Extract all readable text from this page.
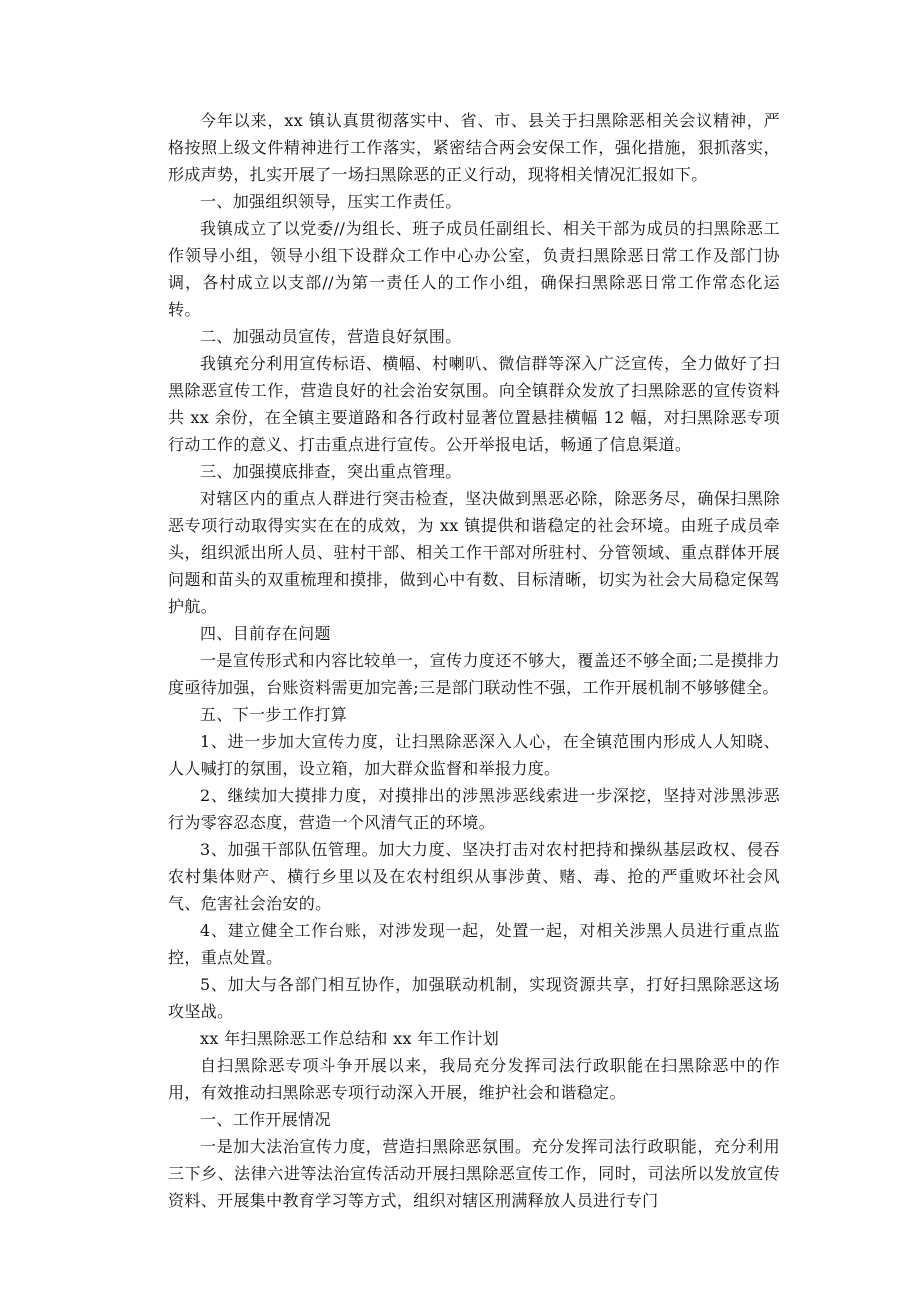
今年以来，xx 镇认真贯彻落实中、省、市、县关于扫黑除恶相关会议精神，严格按照上级文件精神进行工作落实，紧密结合两会安保工作，强化措施，狠抓落实，形成声势，扎实开展了一场扫黑除恶的正义行动，现将相关情况汇报如下。

一、加强组织领导，压实工作责任。

我镇成立了以党委//为组长、班子成员任副组长、相关干部为成员的扫黑除恶工作领导小组，领导小组下设群众工作中心办公室，负责扫黑除恶日常工作及部门协调，各村成立以支部//为第一责任人的工作小组，确保扫黑除恶日常工作常态化运转。

二、加强动员宣传，营造良好氛围。

我镇充分利用宣传标语、横幅、村喇叭、微信群等深入广泛宣传，全力做好了扫黑除恶宣传工作，营造良好的社会治安氛围。向全镇群众发放了扫黑除恶的宣传资料共 xx 余份，在全镇主要道路和各行政村显著位置悬挂横幅 12 幅，对扫黑除恶专项行动工作的意义、打击重点进行宣传。公开举报电话，畅通了信息渠道。

三、加强摸底排查，突出重点管理。

对辖区内的重点人群进行突击检查，坚决做到黑恶必除，除恶务尽，确保扫黑除恶专项行动取得实实在在的成效，为 xx 镇提供和谐稳定的社会环境。由班子成员牵头，组织派出所人员、驻村干部、相关工作干部对所驻村、分管领域、重点群体开展问题和苗头的双重梳理和摸排，做到心中有数、目标清晰，切实为社会大局稳定保驾护航。

四、目前存在问题

一是宣传形式和内容比较单一，宣传力度还不够大，覆盖还不够全面;二是摸排力度亟待加强，台账资料需更加完善;三是部门联动性不强，工作开展机制不够够健全。

五、下一步工作打算

1、进一步加大宣传力度，让扫黑除恶深入人心，在全镇范围内形成人人知晓、人人喊打的氛围，设立箱，加大群众监督和举报力度。

2、继续加大摸排力度，对摸排出的涉黑涉恶线索进一步深挖，坚持对涉黑涉恶行为零容忍态度，营造一个风清气正的环境。

3、加强干部队伍管理。加大力度、坚决打击对农村把持和操纵基层政权、侵吞农村集体财产、横行乡里以及在农村组织从事涉黄、赌、毒、抢的严重败坏社会风气、危害社会治安的。

4、建立健全工作台账，对涉发现一起，处置一起，对相关涉黑人员进行重点监控，重点处置。

5、加大与各部门相互协作，加强联动机制，实现资源共享，打好扫黑除恶这场攻坚战。

xx 年扫黑除恶工作总结和 xx 年工作计划

自扫黑除恶专项斗争开展以来，我局充分发挥司法行政职能在扫黑除恶中的作用，有效推动扫黑除恶专项行动深入开展，维护社会和谐稳定。

一、工作开展情况

一是加大法治宣传力度，营造扫黑除恶氛围。充分发挥司法行政职能，充分利用三下乡、法律六进等法治宣传活动开展扫黑除恶宣传工作，同时，司法所以发放宣传资料、开展集中教育学习等方式，组织对辖区刑满释放人员进行专门
